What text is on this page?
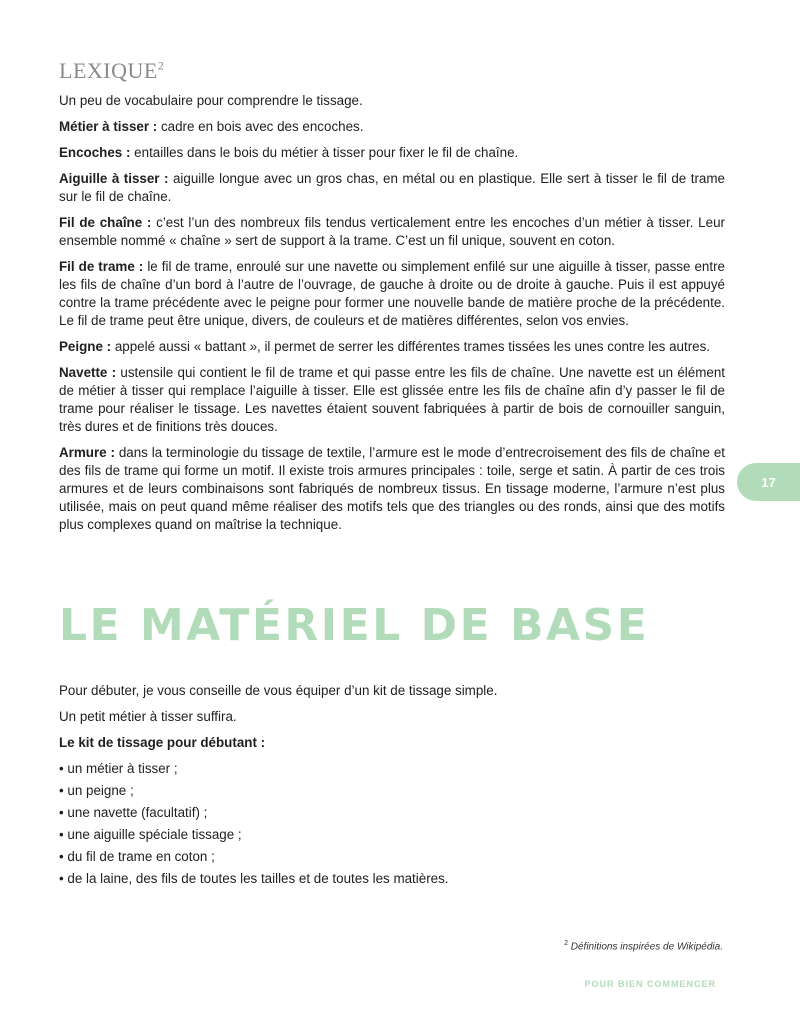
LEXIQUE$^2$

Un peu de vocabulaire pour comprendre le tissage.

Métier à tisser : cadre en bois avec des encoches.

Encoches : entailles dans le bois du métier à tisser pour fixer le fil de chaîne.

Aiguille à tisser : aiguille longue avec un gros chas, en métal ou en plastique. Elle sert à tisser le fil de trame sur le fil de chaîne.

Fil de chaîne : c’est l’un des nombreux fils tendus verticalement entre les encoches d’un métier à tisser. Leur ensemble nommé « chaîne » sert de support à la trame. C’est un fil unique, souvent en coton.

Fil de trame : le fil de trame, enroulé sur une navette ou simplement enfilé sur une aiguille à tisser, passe entre les fils de chaîne d’un bord à l’autre de l’ouvrage, de gauche à droite ou de droite à gauche. Puis il est appuyé contre la trame précédente avec le peigne pour former une nouvelle bande de matière proche de la précédente. Le fil de trame peut être unique, divers, de couleurs et de matières différentes, selon vos envies.

Peigne : appelé aussi « battant », il permet de serrer les différentes trames tissées les unes contre les autres.

Navette : ustensile qui contient le fil de trame et qui passe entre les fils de chaîne. Une navette est un élément de métier à tisser qui remplace l’aiguille à tisser. Elle est glissée entre les fils de chaîne afin d’y passer le fil de trame pour réaliser le tissage. Les navettes étaient souvent fabriquées à partir de bois de cornouiller sanguin, très dures et de finitions très douces.

Armure : dans la terminologie du tissage de textile, l’armure est le mode d’entrecroisement des fils de chaîne et des fils de trame qui forme un motif. Il existe trois armures principales : toile, serge et satin. À partir de ces trois armures et de leurs combinaisons sont fabriqués de nombreux tissus. En tissage moderne, l’armure n’est plus utilisée, mais on peut quand même réaliser des motifs tels que des triangles ou des ronds, ainsi que des motifs plus complexes quand on maîtrise la technique.

LE MATÉRIEL DE BASE

Pour débuter, je vous conseille de vous équiper d’un kit de tissage simple.

Un petit métier à tisser suffira.

Le kit de tissage pour débutant :

• un métier à tisser ;
• un peigne ;
• une navette (facultatif) ;
• une aiguille spéciale tissage ;
• du fil de trame en coton ;
• de la laine, des fils de toutes les tailles et de toutes les matières.
$^2$ Définitions inspirées de Wikipédia.
17
POUR BIEN COMMENCER
